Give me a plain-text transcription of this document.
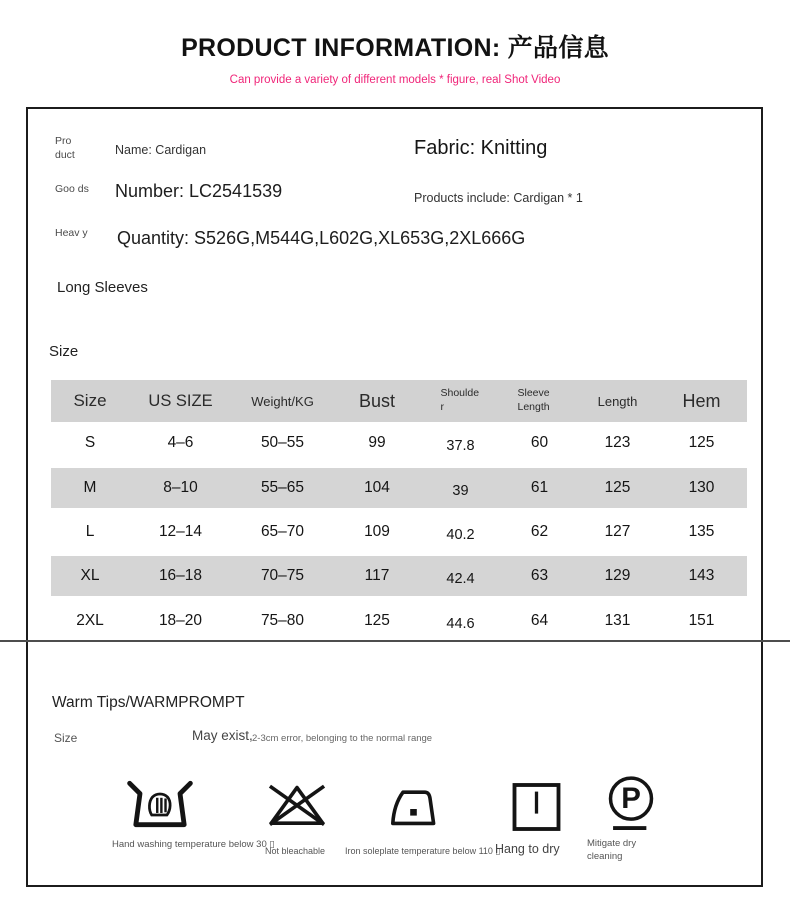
PRODUCT INFORMATION: 产品信息
Can provide a variety of different models * figure, real Shot Video
Pro duct	Name: Cardigan	Fabric: Knitting
Goo ds Number: LC2541539	Products include: Cardigan * 1
Heav y Quantity: S526G,M544G,L602G,XL653G,2XL666G
Long Sleeves
Size
Size	US SIZE	Weight/KG	Bust	Shoulder	Sleeve Length	Length	Hem
S	4–6	50–55	99	37.8	60	123	125
M	8–10	55–65	104	39	61	125	130
L	12–14	65–70	109	40.2	62	127	135
XL	16–18	70–75	117	42.4	63	129	143
2XL	18–20	75–80	125	44.6	64	131	151
Warm Tips/WARMPROMPT
Size	May exist, 2-3cm error, belonging to the normal range
Hand washing temperature below 30 ▯
Not bleachable Iron soleplate temperature below 110 ▯
Hang to dry
P
Mitigate dry cleaning
